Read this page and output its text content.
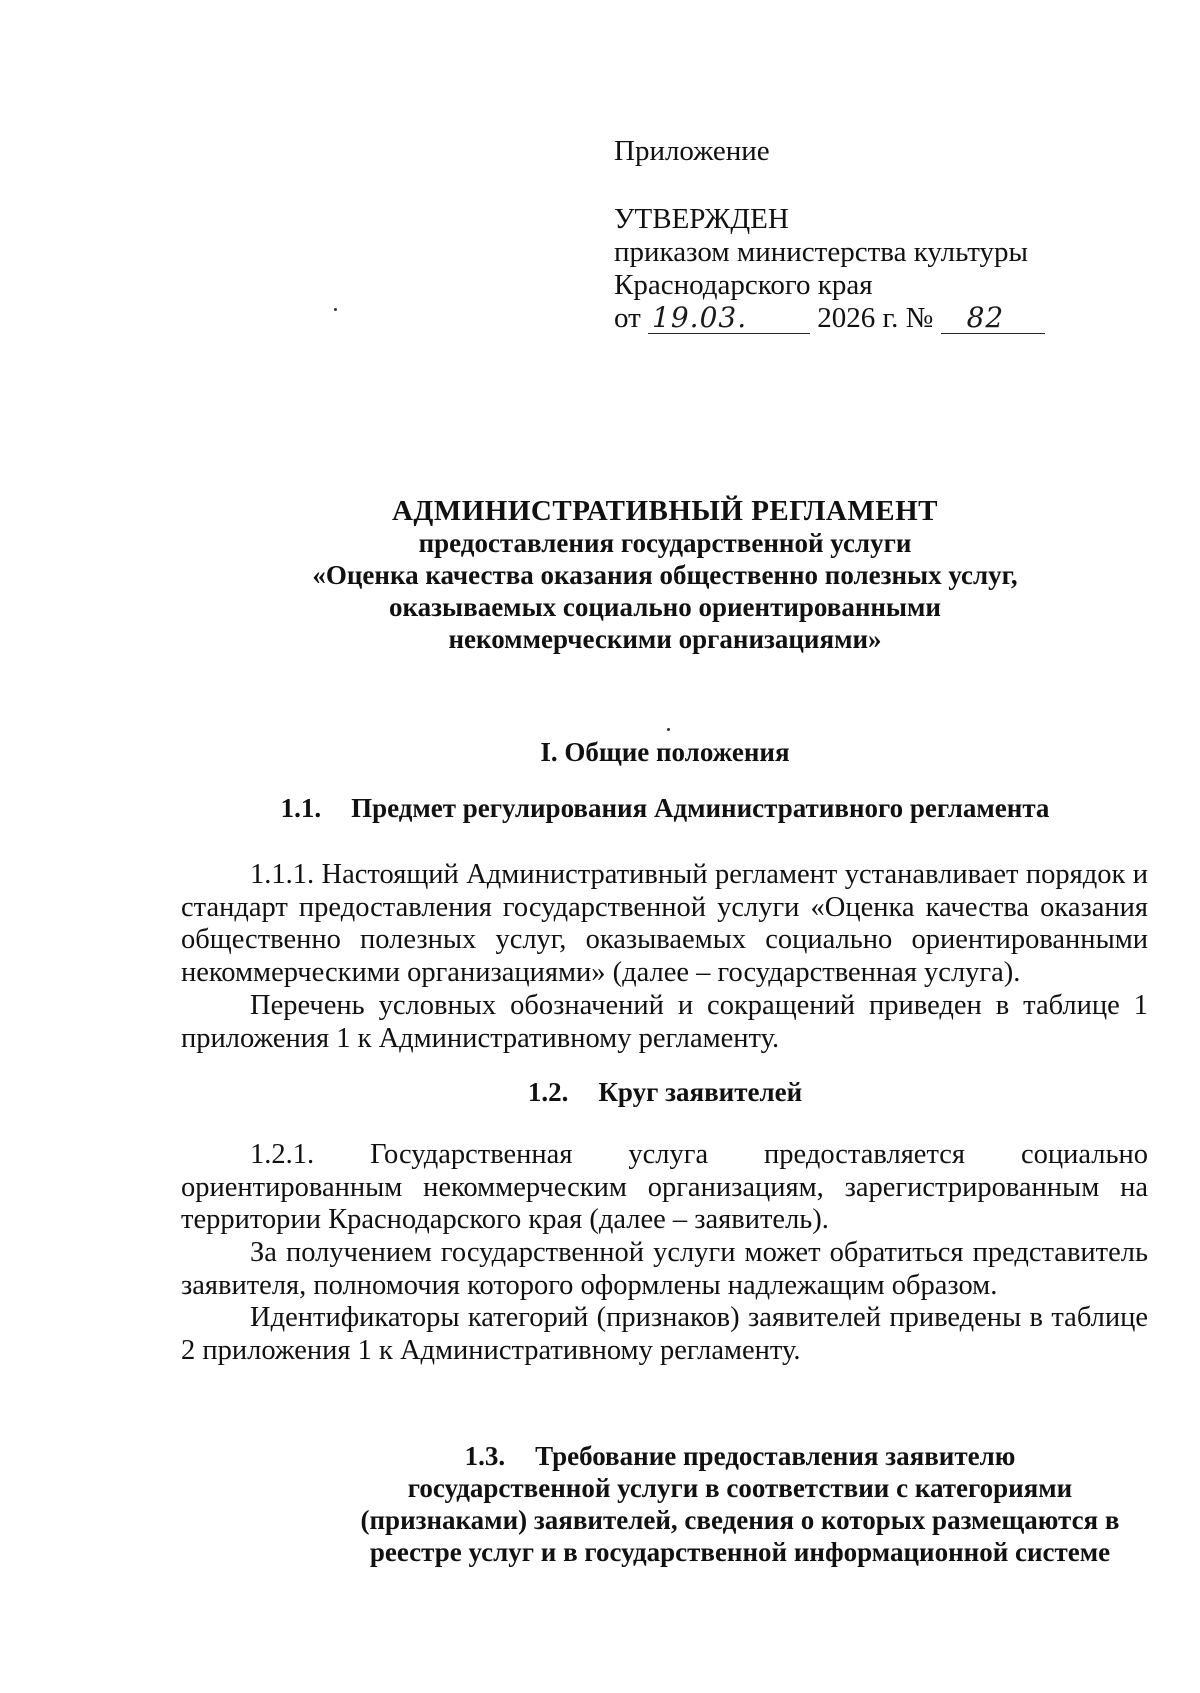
Приложение
УТВЕРЖДЕН
приказом министерства культуры
Краснодарского края
от 19.03. 2026 г. № 82
АДМИНИСТРАТИВНЫЙ РЕГЛАМЕНТ
предоставления государственной услуги
«Оценка качества оказания общественно полезных услуг,
оказываемых социально ориентированными
некоммерческими организациями»
I. Общие положения
1.1. Предмет регулирования Административного регламента
1.1.1. Настоящий Административный регламент устанавливает порядок и стандарт предоставления государственной услуги «Оценка качества оказания общественно полезных услуг, оказываемых социально ориентированными некоммерческими организациями» (далее – государственная услуга).
Перечень условных обозначений и сокращений приведен в таблице 1 приложения 1 к Административному регламенту.
1.2. Круг заявителей
1.2.1. Государственная услуга предоставляется социально ориентированным некоммерческим организациям, зарегистрированным на территории Краснодарского края (далее – заявитель).
За получением государственной услуги может обратиться представитель заявителя, полномочия которого оформлены надлежащим образом.
Идентификаторы категорий (признаков) заявителей приведены в таблице 2 приложения 1 к Административному регламенту.
1.3. Требование предоставления заявителю
государственной услуги в соответствии с категориями
(признаками) заявителей, сведения о которых размещаются в
реестре услуг и в государственной информационной системе
